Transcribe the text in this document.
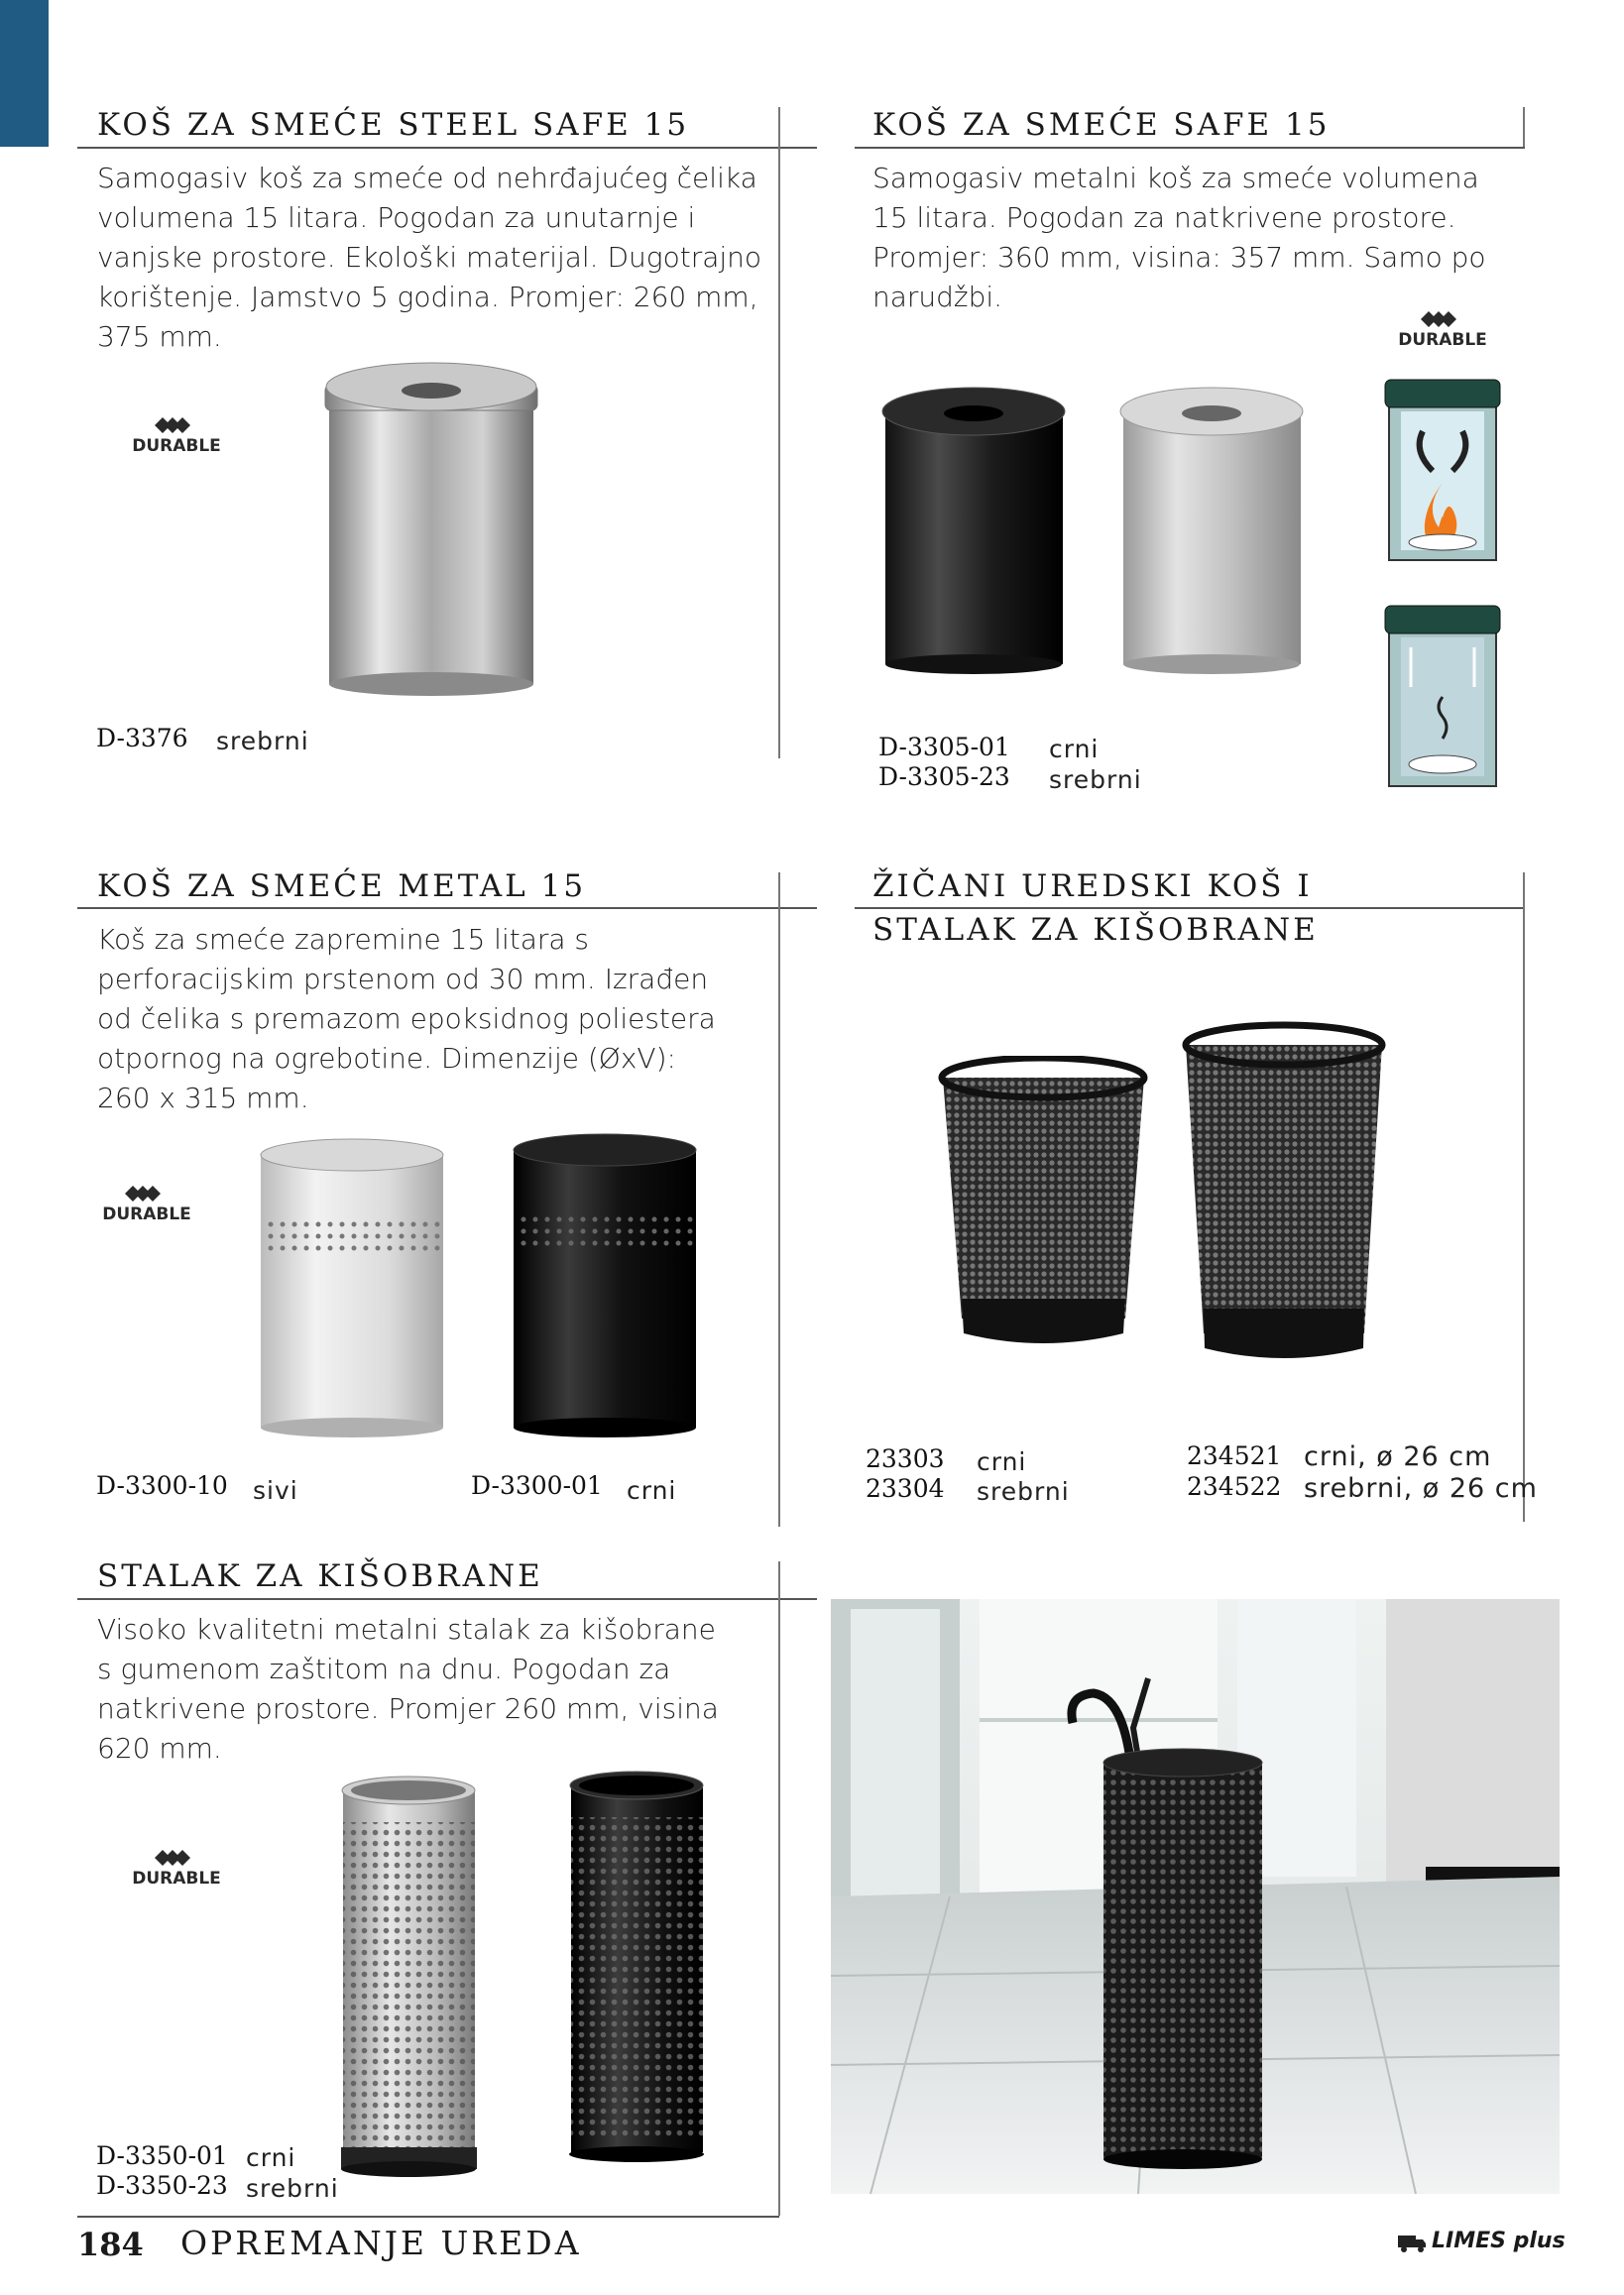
KOŠ ZA SMEĆE STEEL SAFE 15
Samogasiv koš za smeće od nehrđajućeg čelika
volumena 15 litara. Pogodan za unutarnje i
vanjske prostore. Ekološki materijal. Dugotrajno
korištenje. Jamstvo 5 godina. Promjer: 260 mm,
375 mm.
DURABLE
D-3376 srebrni
KOŠ ZA SMEĆE SAFE 15
Samogasiv metalni koš za smeće volumena
15 litara. Pogodan za natkrivene prostore.
Promjer: 360 mm, visina: 357 mm. Samo po
narudžbi.
DURABLE
D-3305-01 crni
D-3305-23 srebrni
KOŠ ZA SMEĆE METAL 15
Koš za smeće zapremine 15 litara s
perforacijskim prstenom od 30 mm. Izrađen
od čelika s premazom epoksidnog poliestera
otpornog na ogrebotine. Dimenzije (ØxV):
260 x 315 mm.
DURABLE
D-3300-10 sivi	D-3300-01 crni
ŽIČANI UREDSKI KOŠ I
STALAK ZA KIŠOBRANE
23303 crni
23304 srebrni
234521 crni, ø 26 cm
234522 srebrni, ø 26 cm
STALAK ZA KIŠOBRANE
Visoko kvalitetni metalni stalak za kišobrane
s gumenom zaštitom na dnu. Pogodan za
natkrivene prostore. Promjer 260 mm, visina
620 mm.
DURABLE
D-3350-01 crni
D-3350-23 srebrni
184 OPREMANJE UREDA	LIMES plus
